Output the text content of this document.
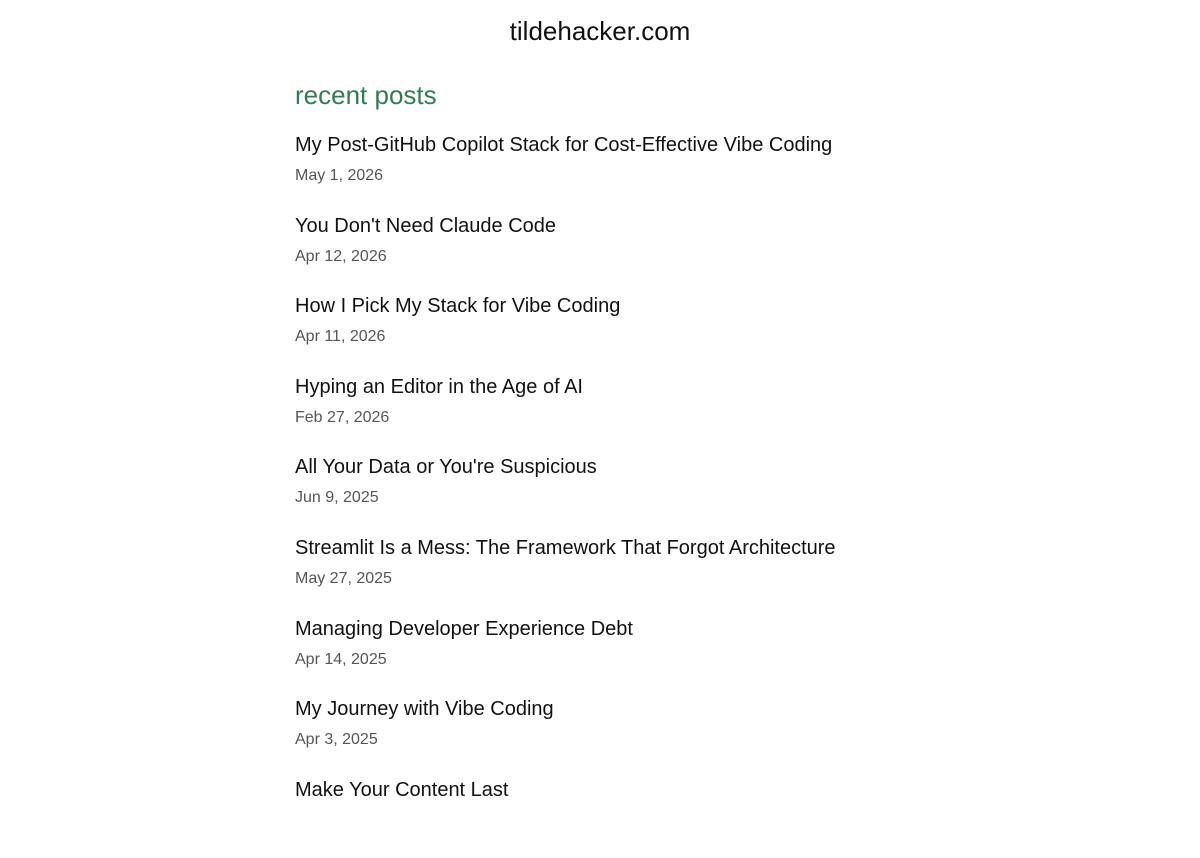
tildehacker.com
recent posts
My Post-GitHub Copilot Stack for Cost-Effective Vibe Coding
May 1, 2026
You Don't Need Claude Code
Apr 12, 2026
How I Pick My Stack for Vibe Coding
Apr 11, 2026
Hyping an Editor in the Age of AI
Feb 27, 2026
All Your Data or You're Suspicious
Jun 9, 2025
Streamlit Is a Mess: The Framework That Forgot Architecture
May 27, 2025
Managing Developer Experience Debt
Apr 14, 2025
My Journey with Vibe Coding
Apr 3, 2025
Make Your Content Last
